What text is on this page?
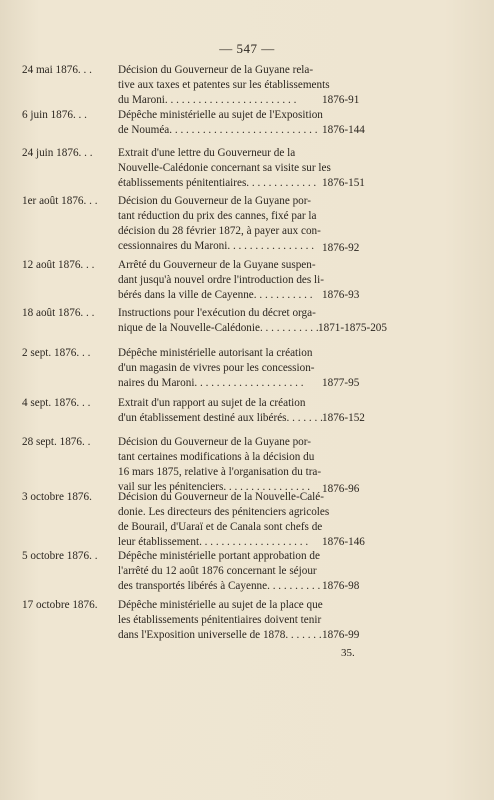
— 547 —
24 mai 1876. . . Décision du Gouverneur de la Guyane rela-
tive aux taxes et patentes sur les établissements
du Maroni. . . . . . . . . . . . . . . . . . . . . . . .	1876-91
6 juin 1876. . .	Dépêche ministérielle au sujet de l'Exposition
de Nouméa. . . . . . . . . . . . . . . . . . . . . . . . . . . 1876-144
24 juin 1876. . . Extrait d'une lettre du Gouverneur de la
Nouvelle-Calédonie concernant sa visite sur les
établissements pénitentiaires. . . . . . . . . . . . . 1876-151
1er août 1876. . . Décision du Gouverneur de la Guyane por-
tant réduction du prix des cannes, fixé par la
décision du 28 février 1872, à payer aux con-
cessionnaires du Maroni. . . . . . . . . . . . . . . . 1876-92
12 août 1876. . . Arrêté du Gouverneur de la Guyane suspen-
dant jusqu'à nouvel ordre l'introduction des li-
bérés dans la ville de Cayenne. . . . . . . . . . . 1876-93
18 août 1876. . . Instructions pour l'exécution du décret orga-
nique de la Nouvelle-Calédonie. . . . . . . . . . . 1871-1875-205
2 sept. 1876. . . Dépêche ministérielle autorisant la création
d'un magasin de vivres pour les concession-
naires du Maroni. . . . . . . . . . . . . . . . . . . .	1877-95
4 sept. 1876. . . Extrait d'un rapport au sujet de la création
d'un établissement destiné aux libérés. . . . . . . 1876-152
28 sept. 1876. . Décision du Gouverneur de la Guyane por-
tant certaines modifications à la décision du
16 mars 1875, relative à l'organisation du tra-
vail sur les pénitenciers. . . . . . . . . . . . . . . .	1876-96
3 octobre 1876. Décision du Gouverneur de la Nouvelle-Calé-
donie. Les directeurs des pénitenciers agricoles
de Bourail, d'Uaraï et de Canala sont chefs de
leur établissement. . . . . . . . . . . . . . . . . . . .	1876-146
5 octobre 1876. . Dépêche ministérielle portant approbation de
l'arrêté du 12 août 1876 concernant le séjour
des transportés libérés à Cayenne. . . . . . . . . . 1876-98
17 octobre 1876. Dépêche ministérielle au sujet de la place que
les établissements pénitentiaires doivent tenir
dans l'Exposition universelle de 1878. . . . . . . 1876-99
35.
